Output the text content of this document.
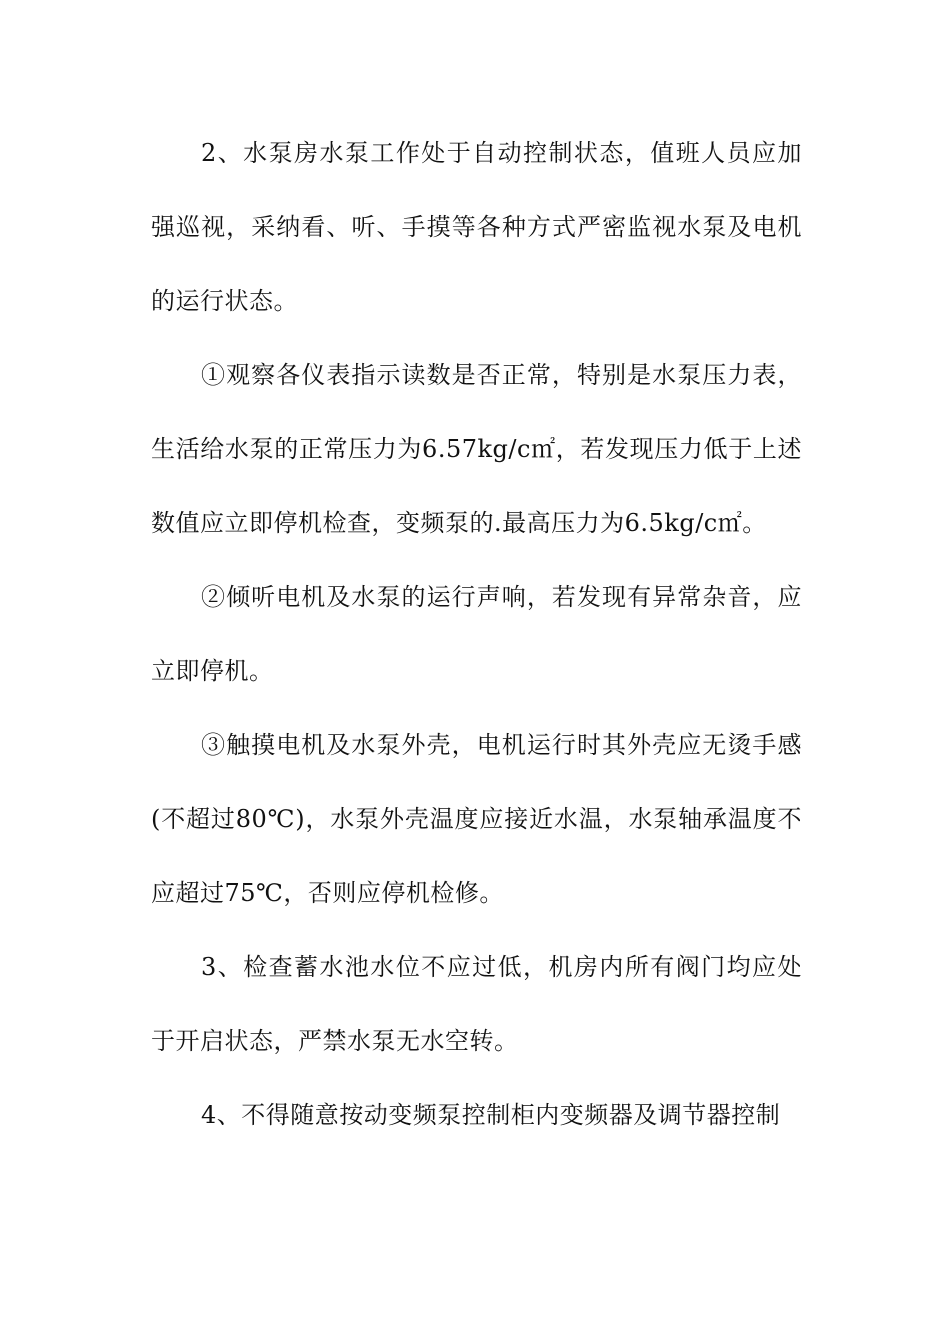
2、水泵房水泵工作处于自动控制状态，值班人员应加强巡视，采纳看、听、手摸等各种方式严密监视水泵及电机的运行状态。

①观察各仪表指示读数是否正常，特别是水泵压力表，生活给水泵的正常压力为6.57kg/c㎡，若发现压力低于上述数值应立即停机检查，变频泵的.最高压力为6.5kg/c㎡。

②倾听电机及水泵的运行声响，若发现有异常杂音，应立即停机。

③触摸电机及水泵外壳，电机运行时其外壳应无烫手感(不超过80℃)，水泵外壳温度应接近水温，水泵轴承温度不应超过75℃，否则应停机检修。

3、检查蓄水池水位不应过低，机房内所有阀门均应处于开启状态，严禁水泵无水空转。

4、不得随意按动变频泵控制柜内变频器及调节器控制
